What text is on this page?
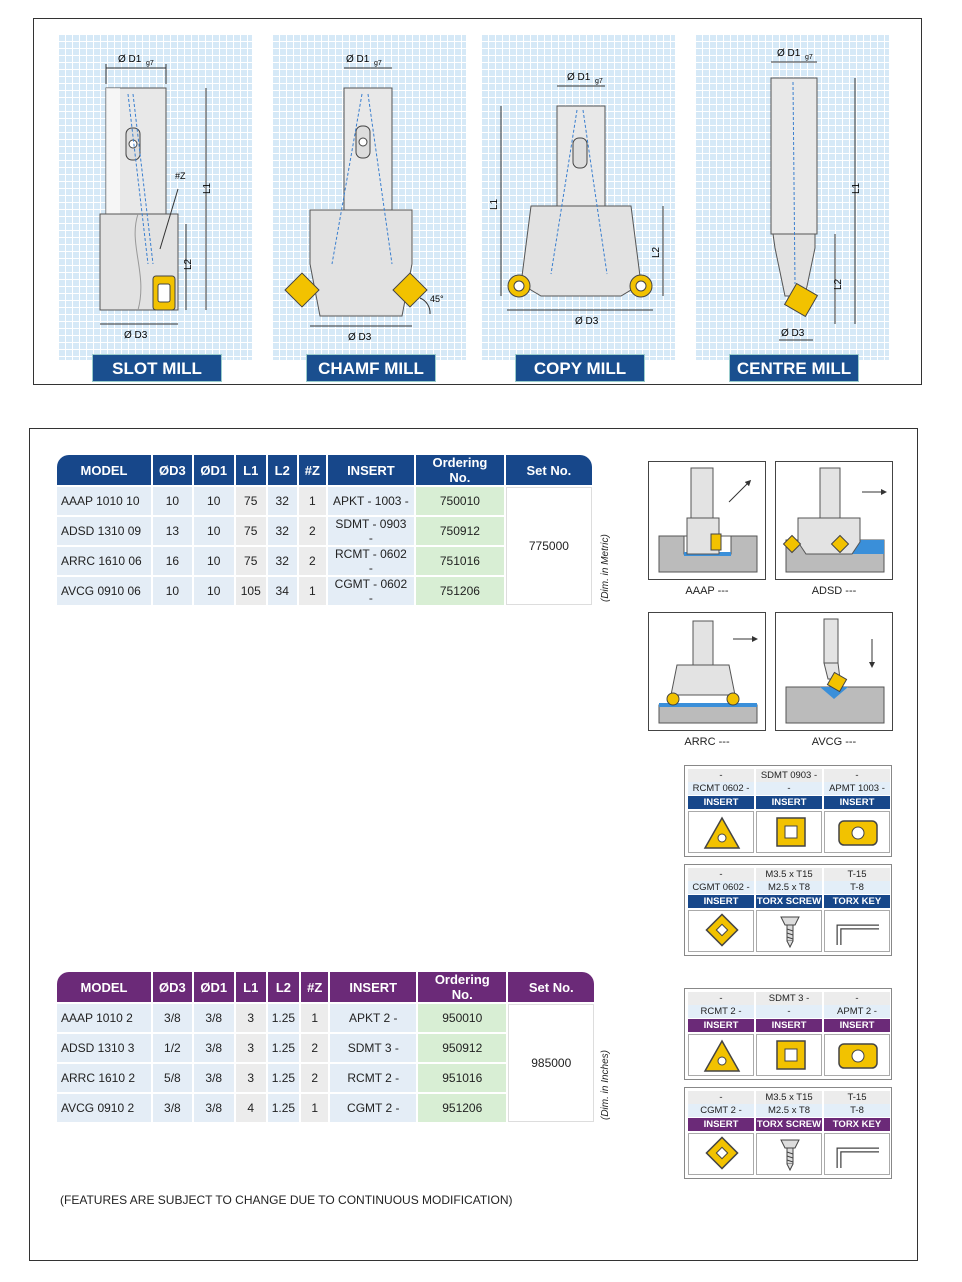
Ø D1 g7
Ø D3
L1
L2
#Z
SLOT MILL
Ø D1 g7
Ø D3
45°
CHAMF MILL
Ø D1 g7
Ø D3
L1
L2
COPY MILL
Ø D1 g7
Ø D3
L1
L2
CENTRE MILL
MODEL	ØD3	ØD1	L1	L2	#Z	INSERT	Ordering No.	Set No.
AAAP 1010 10	10	10	75	32	1	APKT - 1003 -	750010	775000
ADSD 1310 09	13	10	75	32	2	SDMT - 0903 -	750912	
ARRC 1610 06	16	10	75	32	2	RCMT - 0602 -	751016	
AVCG 0910 06	10	10	105	34	1	CGMT - 0602 -	751206		(Dim. in Metric)
MODEL	ØD3	ØD1	L1	L2	#Z	INSERT	Ordering No.	Set No.
AAAP 1010 2	3/8	3/8	3	1.25	1	APKT 2 -	950010	985000
ADSD 1310 3	1/2	3/8	3	1.25	2	SDMT 3 -	950912	
ARRC 1610 2	5/8	3/8	3	1.25	2	RCMT 2 -	951016	
AVCG 0910 2	3/8	3/8	4	1.25	1	CGMT 2 -	951206		(Dim. in Inches)
AAAP ---	ADSD ---
ARRC ---	AVCG ---
-
RCMT 0602 -
INSERT
SDMT 0903 -
-
INSERT
-
APMT 1003 -
INSERT
-
CGMT 0602 -
INSERT
M3.5 x T15
M2.5 x T8
TORX SCREW
T-15
T-8
TORX KEY
-
RCMT 2 -
INSERT
SDMT 3 -
-
INSERT
-
APMT 2 -
INSERT
-
CGMT 2 -
INSERT
M3.5 x T15
M2.5 x T8
TORX SCREW
T-15
T-8
TORX KEY
(FEATURES ARE SUBJECT TO CHANGE DUE TO CONTINUOUS MODIFICATION)
